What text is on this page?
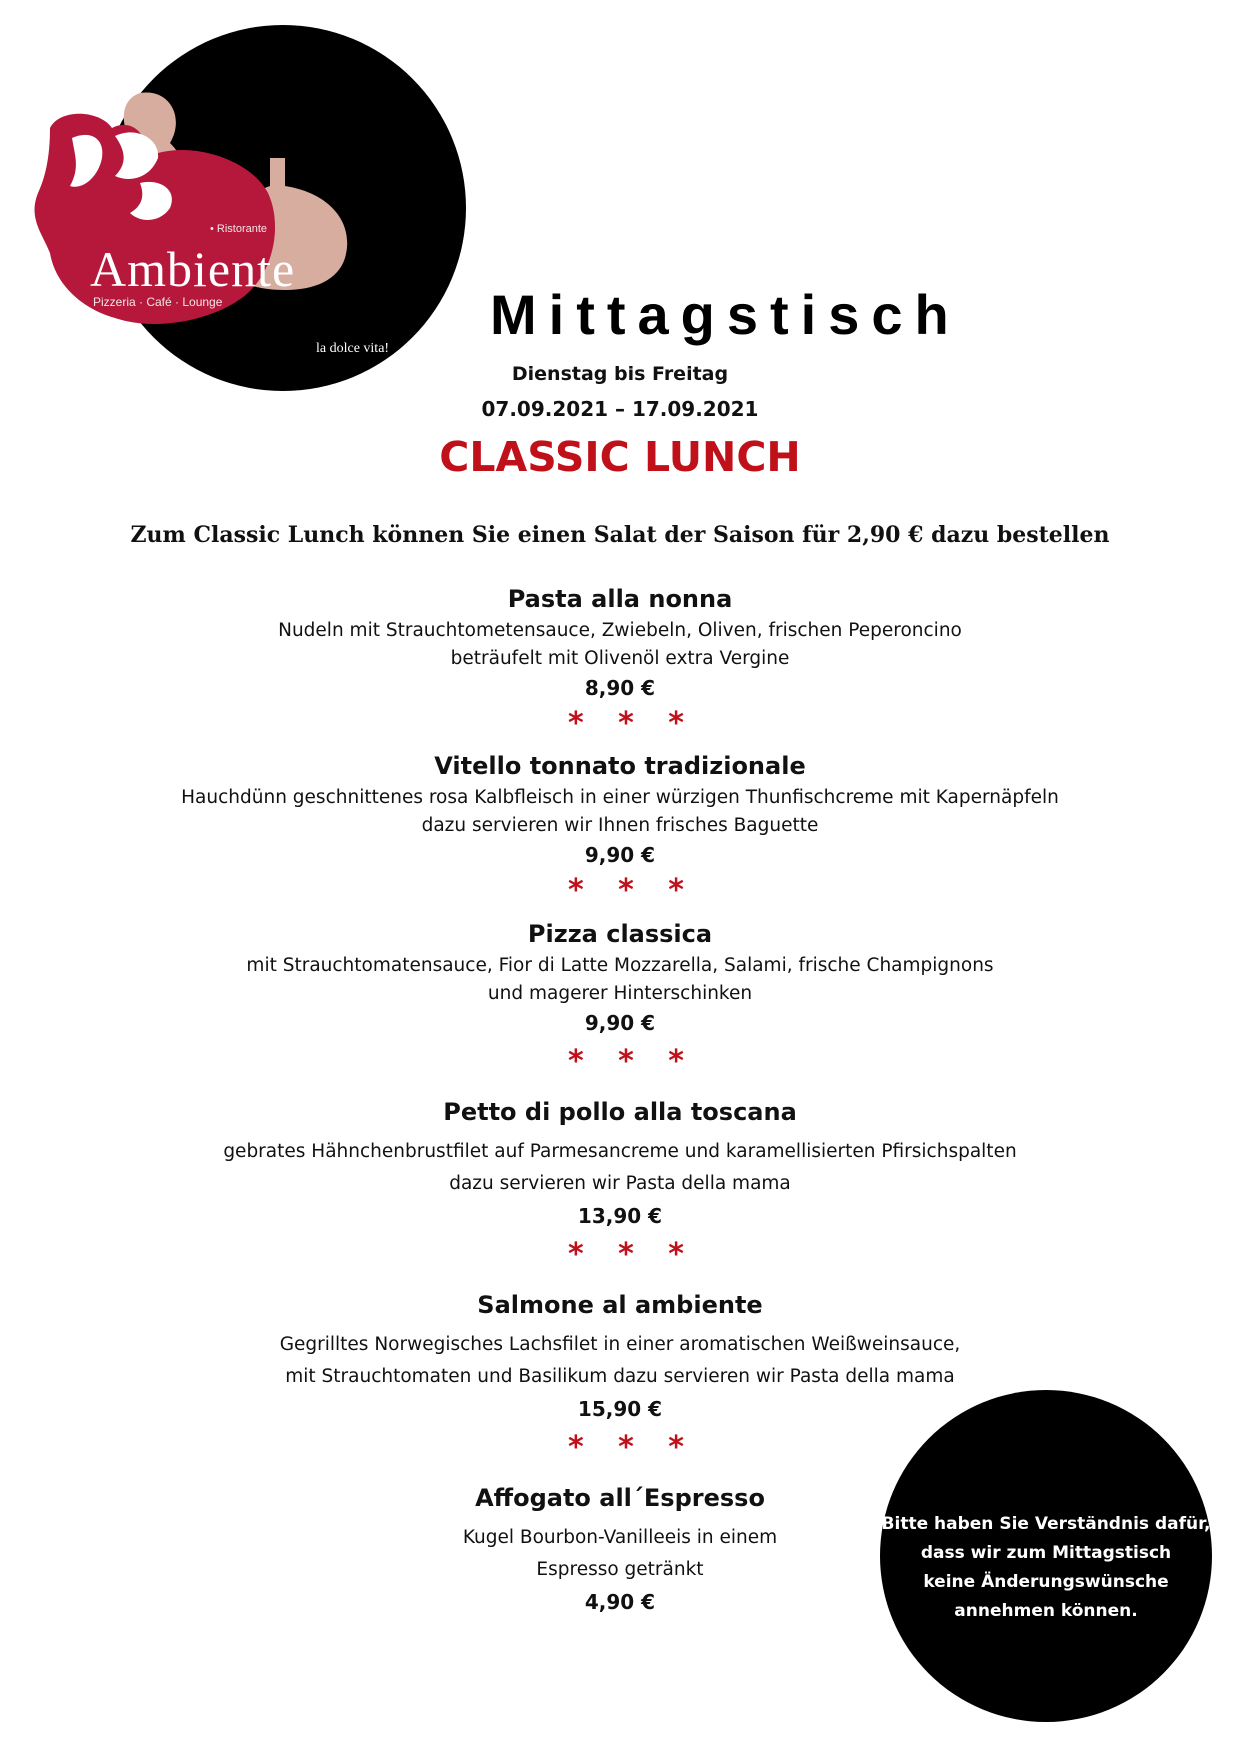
• Ristorante
Ambiente
Pizzeria · Café · Lounge
la dolce vita!
Mittagstisch
Dienstag bis Freitag
07.09.2021 – 17.09.2021
CLASSIC LUNCH
Zum Classic Lunch können Sie einen Salat der Saison für 2,90 € dazu bestellen
Pasta alla nonna
Nudeln mit Strauchtometensauce, Zwiebeln, Oliven, frischen Peperoncino
beträufelt mit Olivenöl extra Vergine
8,90 €
* * *
Vitello tonnato tradizionale
Hauchdünn geschnittenes rosa Kalbfleisch in einer würzigen Thunfischcreme mit Kapernäpfeln
dazu servieren wir Ihnen frisches Baguette
9,90 €
* * *
Pizza classica
mit Strauchtomatensauce, Fior di Latte Mozzarella, Salami, frische Champignons
und magerer Hinterschinken
9,90 €
* * *
Petto di pollo alla toscana
gebrates Hähnchenbrustfilet auf Parmesancreme und karamellisierten Pfirsichspalten
dazu servieren wir Pasta della mama
13,90 €
* * *
Salmone al ambiente
Gegrilltes Norwegisches Lachsfilet in einer aromatischen Weißweinsauce,
mit Strauchtomaten und Basilikum dazu servieren wir Pasta della mama
15,90 €
* * *
Affogato all´Espresso
Kugel Bourbon-Vanilleeis in einem
Espresso getränkt
4,90 €
Bitte haben Sie Verständnis dafür,
dass wir zum Mittagstisch
keine Änderungswünsche
annehmen können.
